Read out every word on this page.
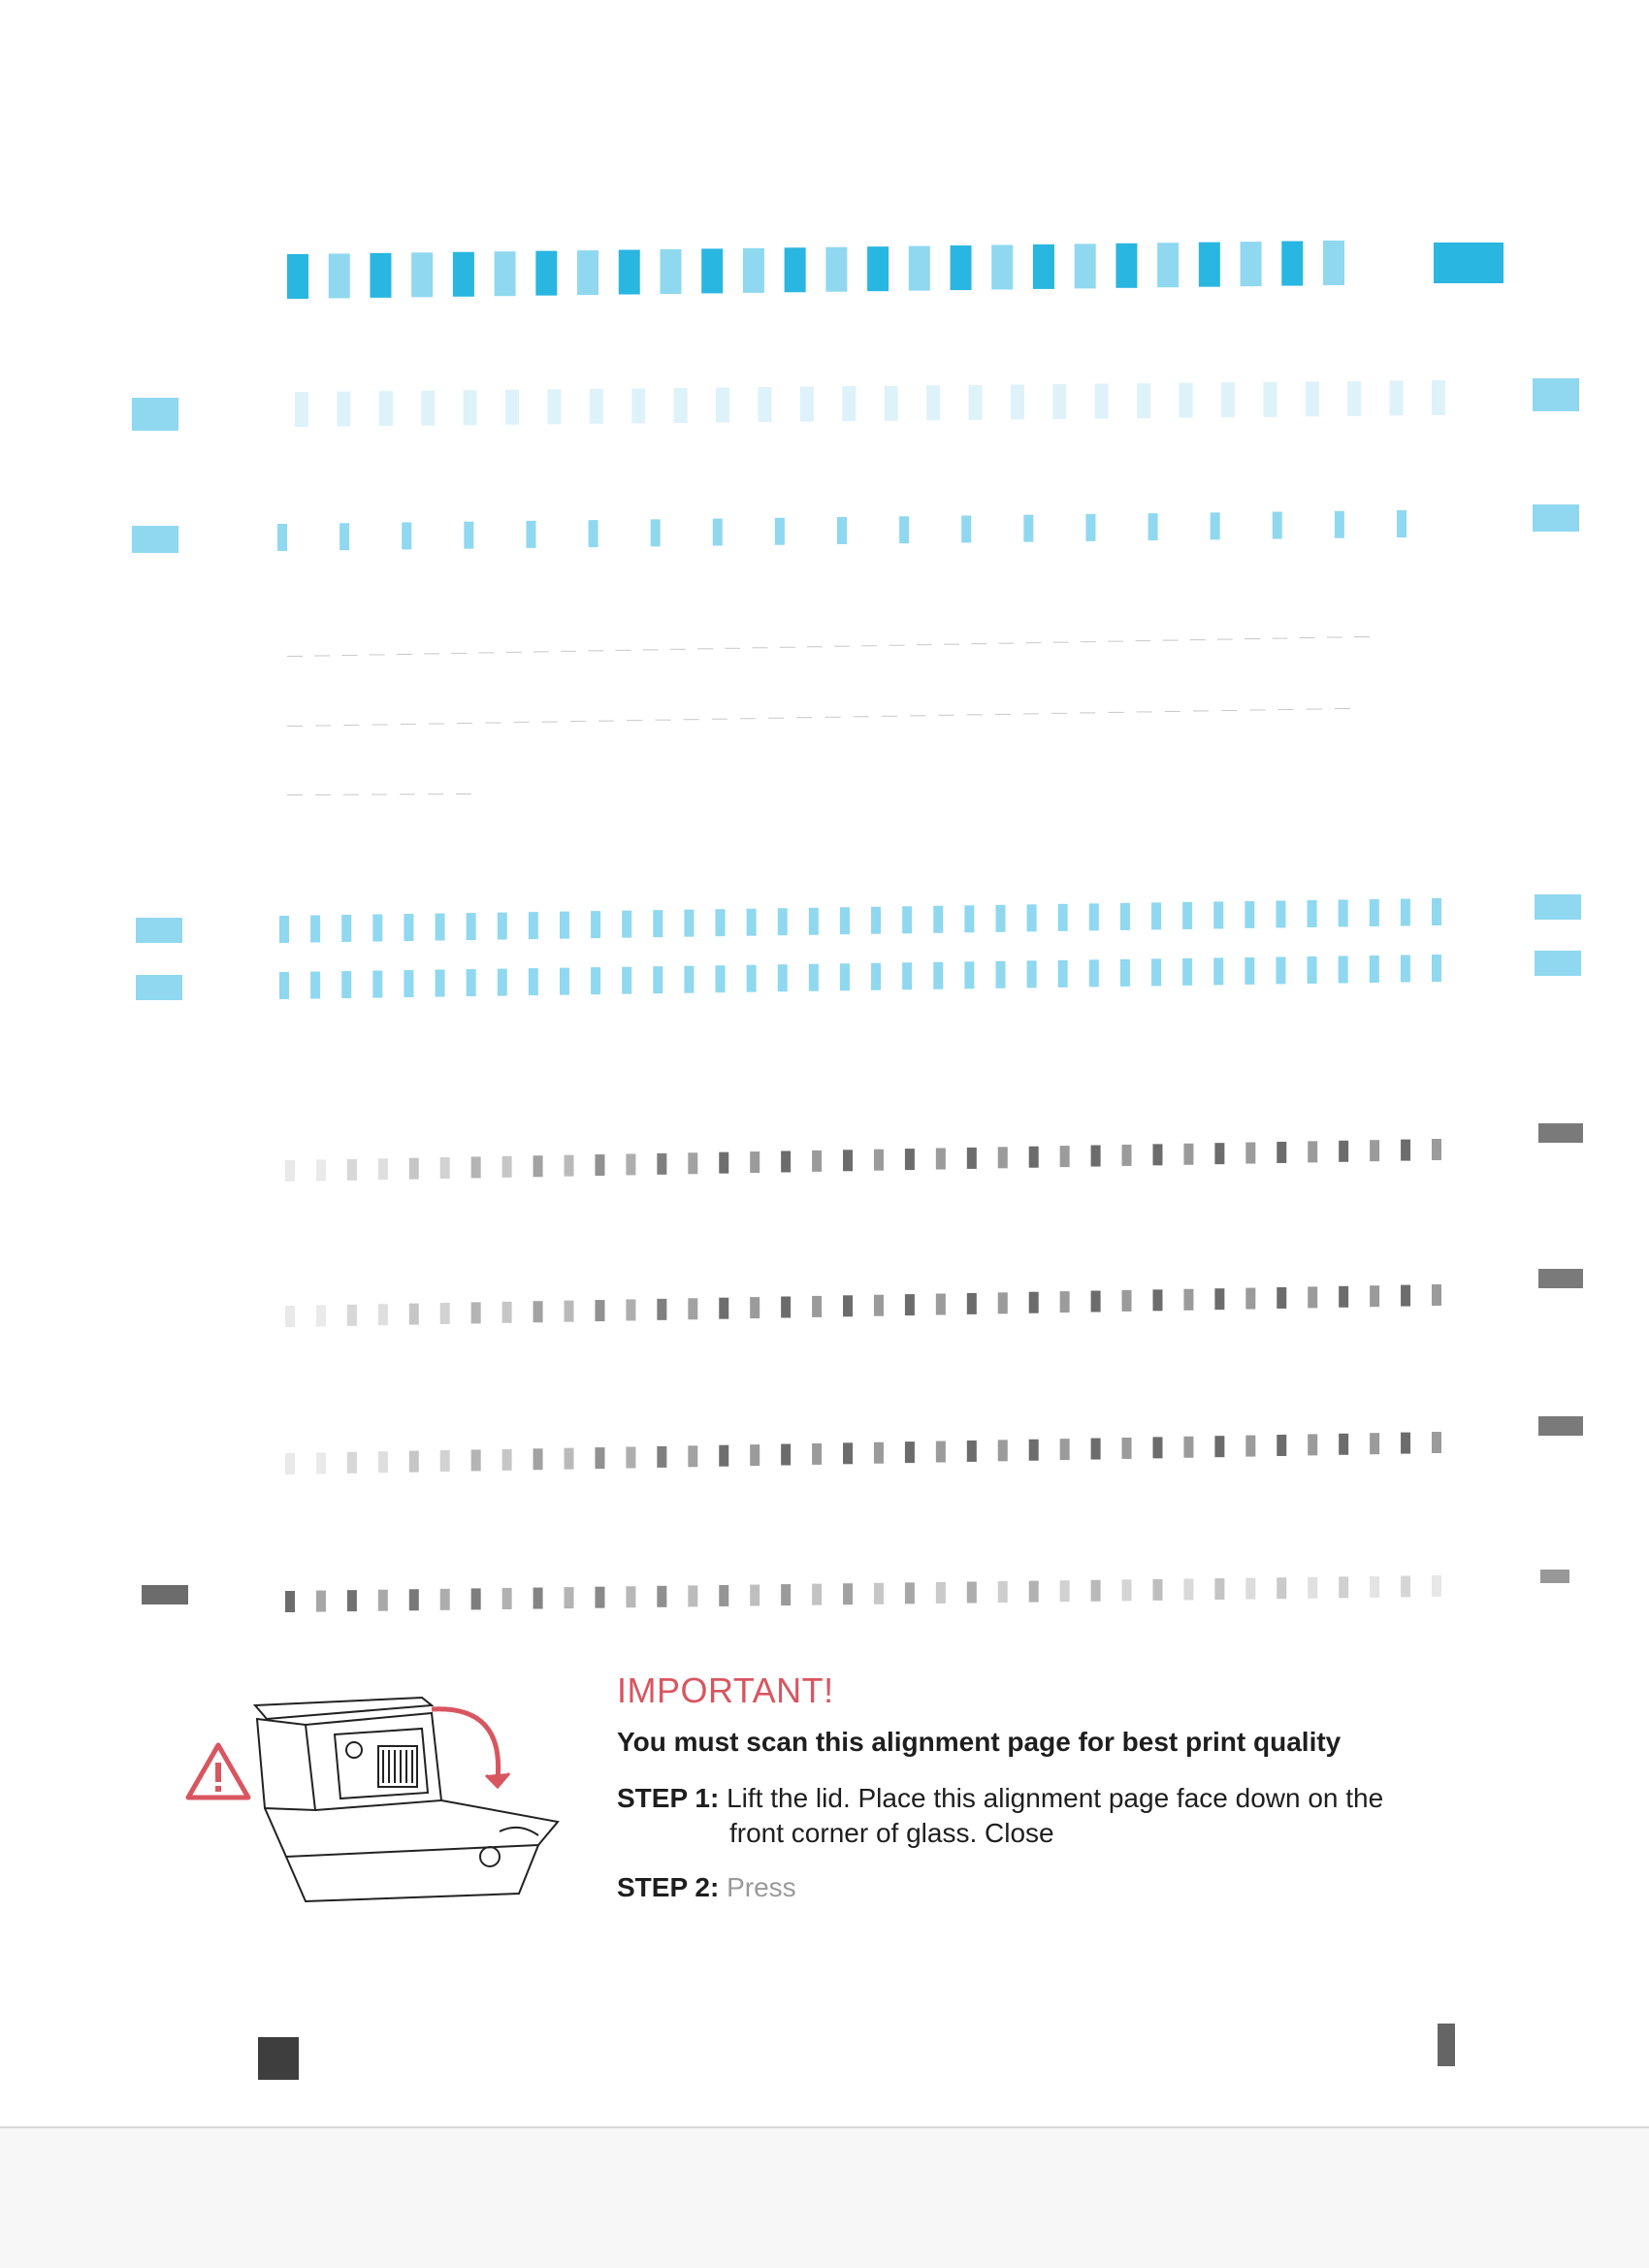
IMPORTANT!
You must scan this alignment page for best print quality
STEP 1: Lift the lid. Place this alignment page face down on the
front corner of glass. Close
STEP 2: Press
